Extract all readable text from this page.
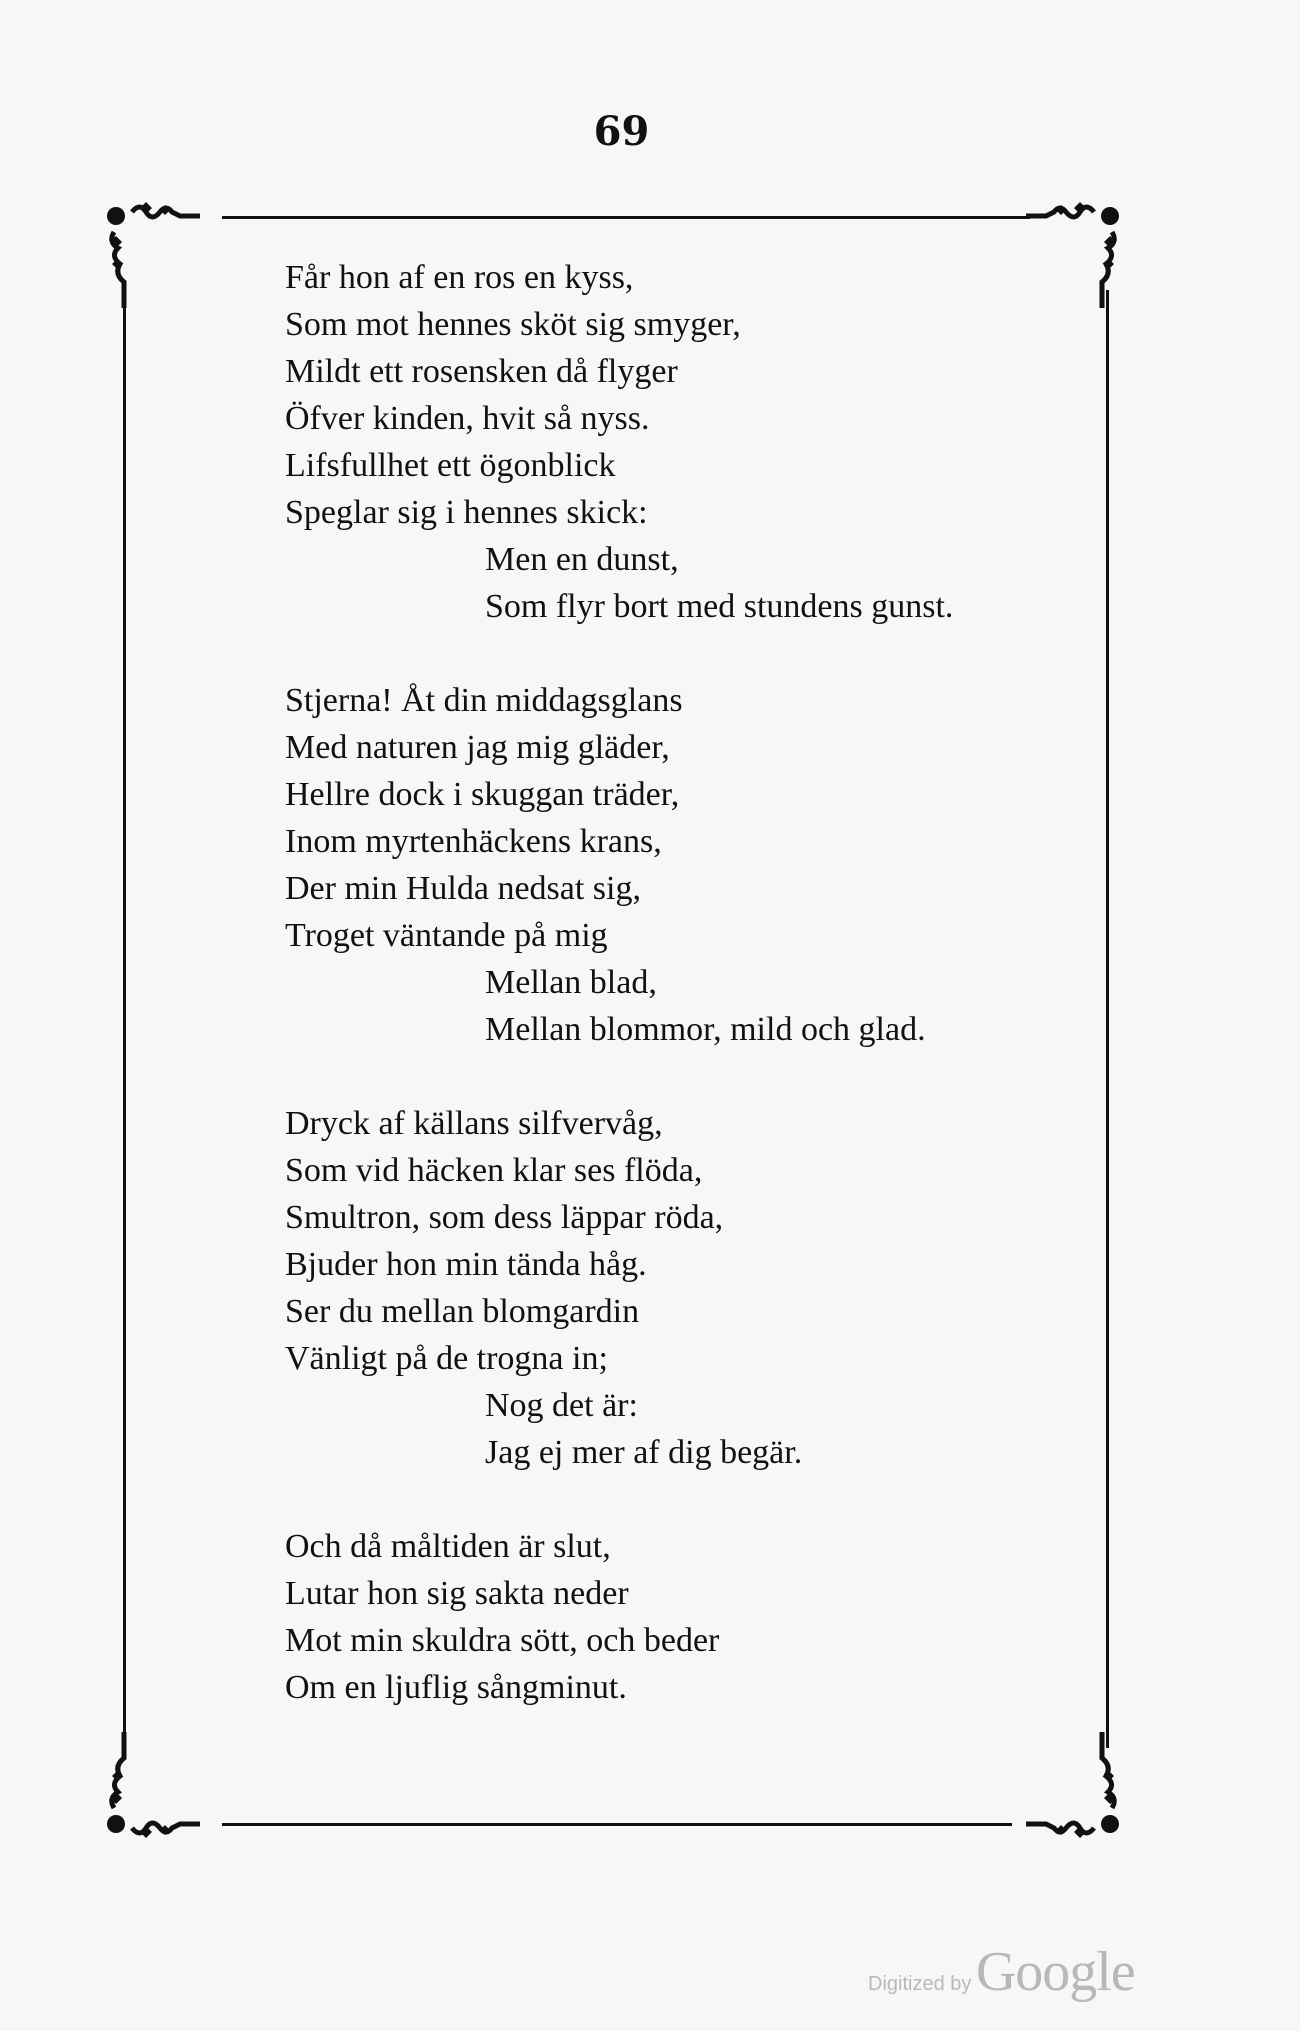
69
Får hon af en ros en kyss,
Som mot hennes sköt sig smyger,
Mildt ett rosensken då flyger
Öfver kinden, hvit så nyss.
Lifsfullhet ett ögonblick
Speglar sig i hennes skick:
Men en dunst,
Som flyr bort med stundens gunst.
Stjerna! Åt din middagsglans
Med naturen jag mig gläder,
Hellre dock i skuggan träder,
Inom myrtenhäckens krans,
Der min Hulda nedsat sig,
Troget väntande på mig
Mellan blad,
Mellan blommor, mild och glad.
Dryck af källans silfvervåg,
Som vid häcken klar ses flöda,
Smultron, som dess läppar röda,
Bjuder hon min tända håg.
Ser du mellan blomgardin
Vänligt på de trogna in;
Nog det är:
Jag ej mer af dig begär.
Och då måltiden är slut,
Lutar hon sig sakta neder
Mot min skuldra sött, och beder
Om en ljuflig sångminut.
Digitized by Google
